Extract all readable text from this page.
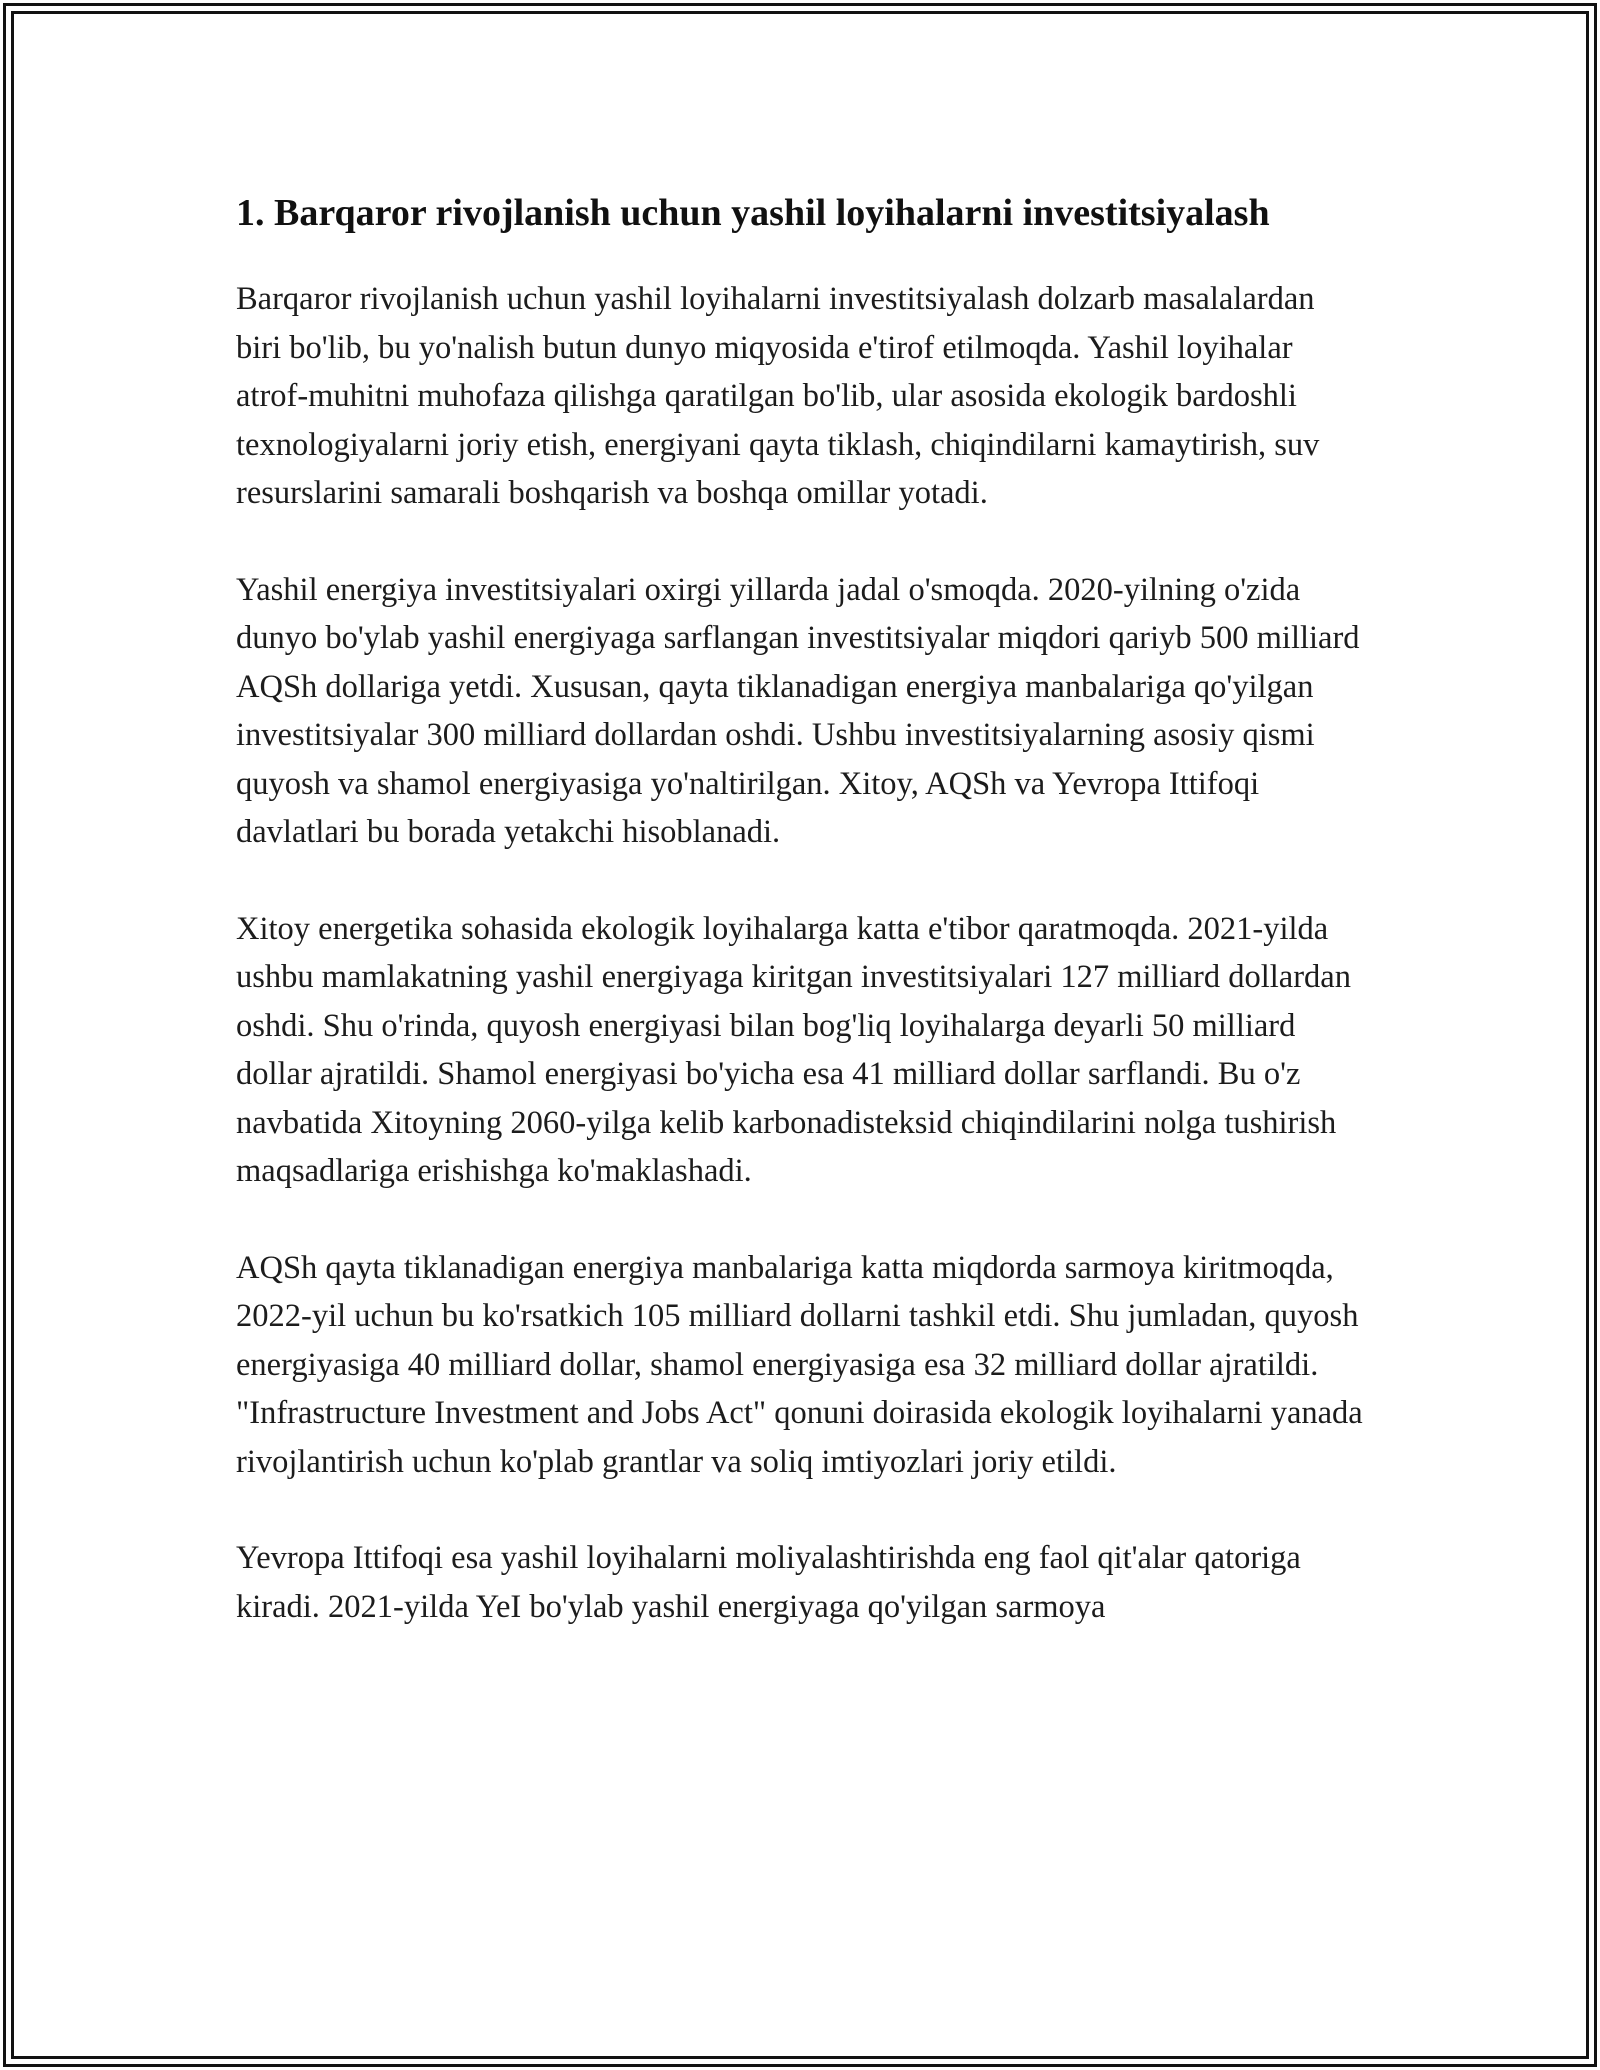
1. Barqaror rivojlanish uchun yashil loyihalarni investitsiyalash

Barqaror rivojlanish uchun yashil loyihalarni investitsiyalash dolzarb masalalardan biri bo'lib, bu yo'nalish butun dunyo miqyosida e'tirof etilmoqda. Yashil loyihalar atrof-muhitni muhofaza qilishga qaratilgan bo'lib, ular asosida ekologik bardoshli texnologiyalarni joriy etish, energiyani qayta tiklash, chiqindilarni kamaytirish, suv resurslarini samarali boshqarish va boshqa omillar yotadi.

Yashil energiya investitsiyalari oxirgi yillarda jadal o'smoqda. 2020-yilning o'zida dunyo bo'ylab yashil energiyaga sarflangan investitsiyalar miqdori qariyb 500 milliard AQSh dollariga yetdi. Xususan, qayta tiklanadigan energiya manbalariga qo'yilgan investitsiyalar 300 milliard dollardan oshdi. Ushbu investitsiyalarning asosiy qismi quyosh va shamol energiyasiga yo'naltirilgan. Xitoy, AQSh va Yevropa Ittifoqi davlatlari bu borada yetakchi hisoblanadi.

Xitoy energetika sohasida ekologik loyihalarga katta e'tibor qaratmoqda. 2021-yilda ushbu mamlakatning yashil energiyaga kiritgan investitsiyalari 127 milliard dollardan oshdi. Shu o'rinda, quyosh energiyasi bilan bog'liq loyihalarga deyarli 50 milliard dollar ajratildi. Shamol energiyasi bo'yicha esa 41 milliard dollar sarflandi. Bu o'z navbatida Xitoyning 2060-yilga kelib karbonadisteksid chiqindilarini nolga tushirish maqsadlariga erishishga ko'maklashadi.

AQSh qayta tiklanadigan energiya manbalariga katta miqdorda sarmoya kiritmoqda, 2022-yil uchun bu ko'rsatkich 105 milliard dollarni tashkil etdi. Shu jumladan, quyosh energiyasiga 40 milliard dollar, shamol energiyasiga esa 32 milliard dollar ajratildi. "Infrastructure Investment and Jobs Act" qonuni doirasida ekologik loyihalarni yanada rivojlantirish uchun ko'plab grantlar va soliq imtiyozlari joriy etildi.

Yevropa Ittifoqi esa yashil loyihalarni moliyalashtirishda eng faol qit'alar qatoriga kiradi. 2021-yilda YeI bo'ylab yashil energiyaga qo'yilgan sarmoya
